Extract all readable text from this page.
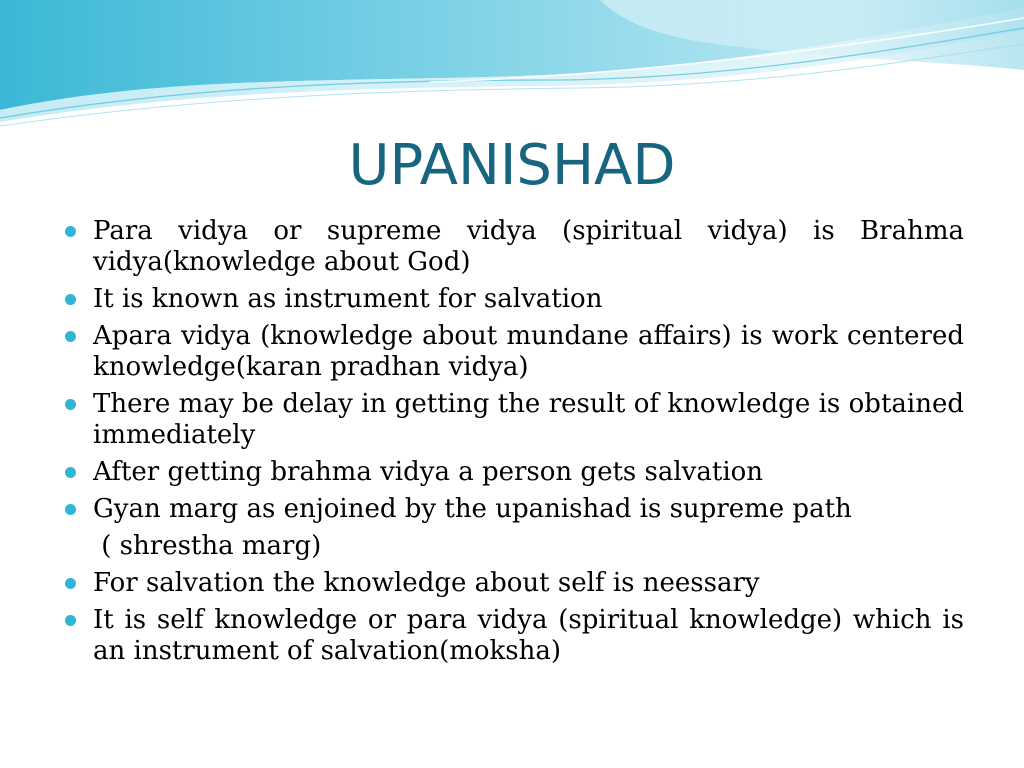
UPANISHAD
Para vidya or supreme vidya (spiritual vidya) is Brahma vidya(knowledge about God)
It is known as instrument for salvation
Apara vidya (knowledge about mundane affairs) is work centered knowledge(karan pradhan vidya)
There may be delay in getting the result of knowledge is obtained immediately
After getting brahma vidya a person gets salvation
Gyan marg as enjoined by the upanishad is supreme path
( shrestha marg)
For salvation the knowledge about self is neessary
It is self knowledge or para vidya (spiritual knowledge) which is an instrument of salvation(moksha)
